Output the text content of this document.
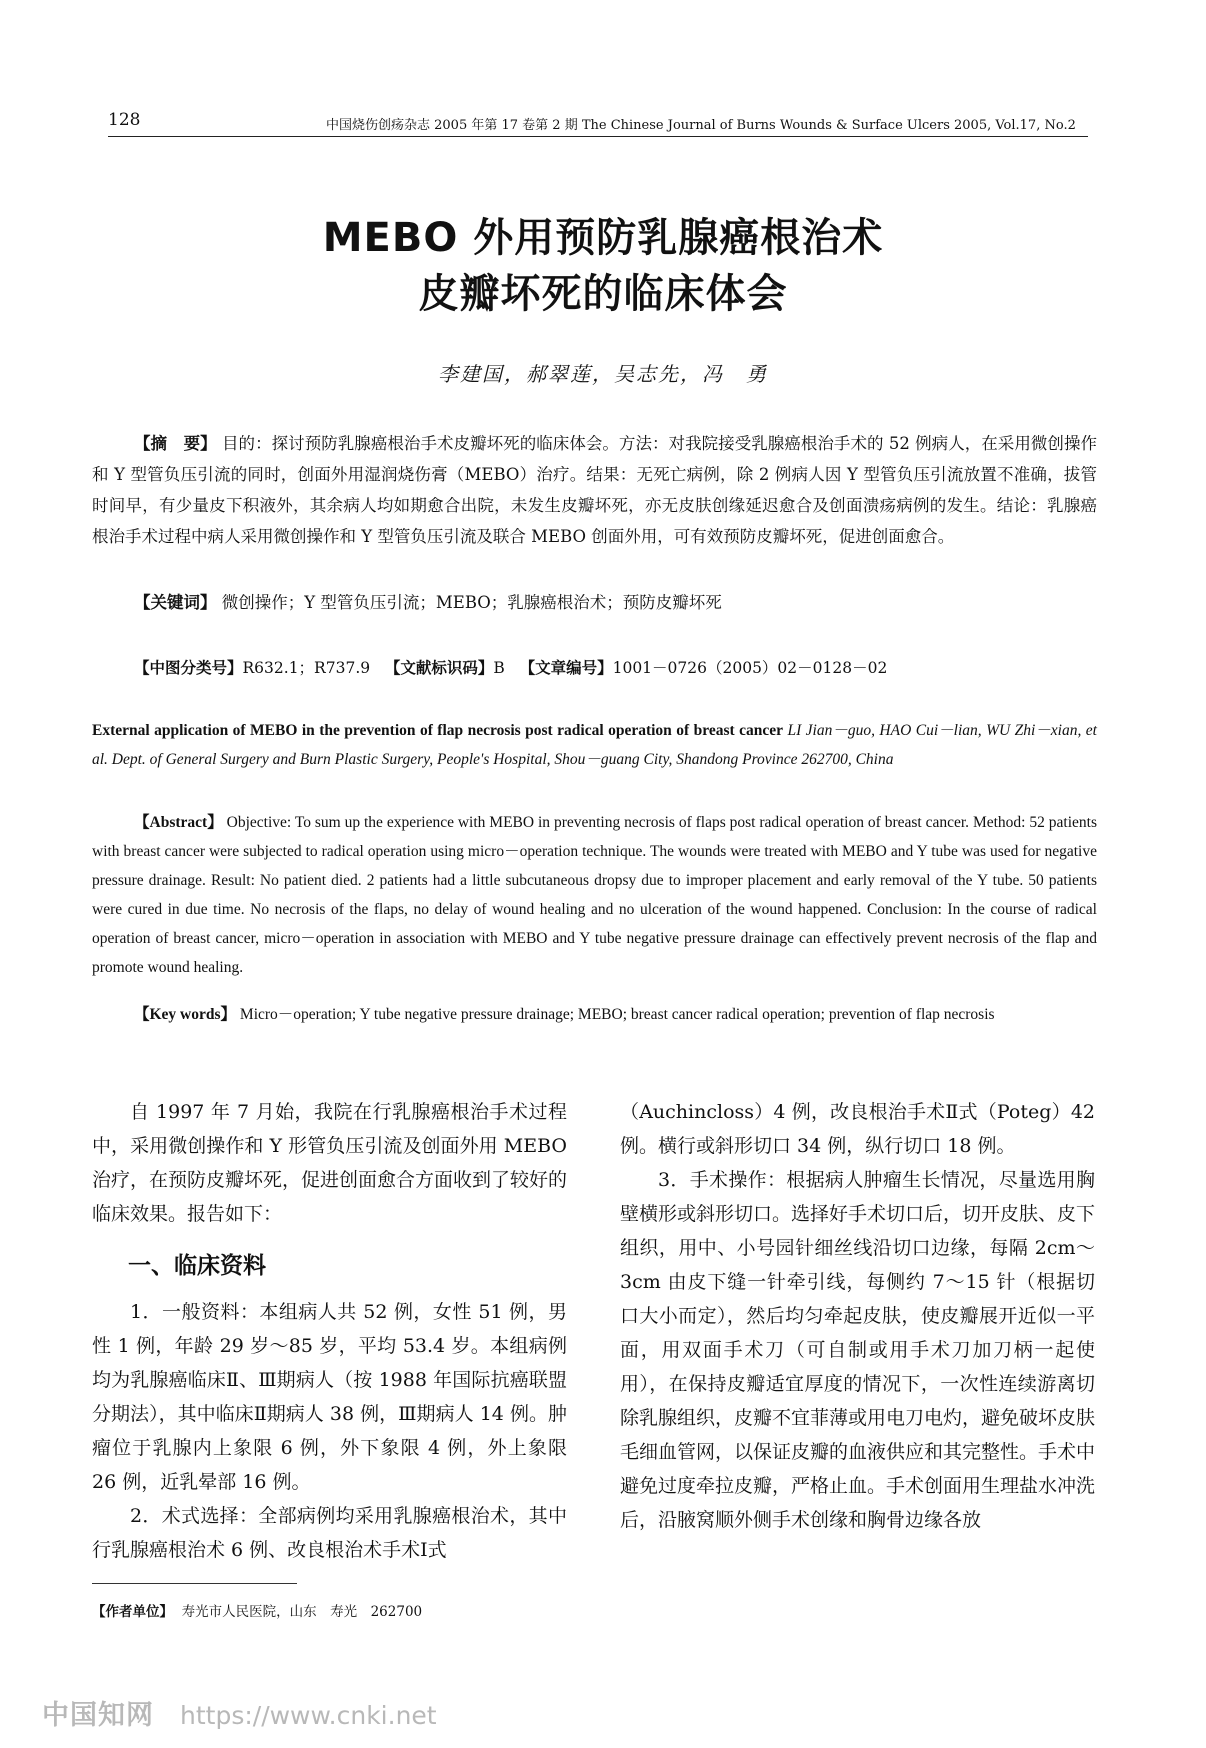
128	中国烧伤创疡杂志 2005 年第 17 卷第 2 期 The Chinese Journal of Burns Wounds & Surface Ulcers 2005, Vol.17, No.2
MEBO 外用预防乳腺癌根治术
皮瓣坏死的临床体会
李建国，郝翠莲，吴志先，冯　勇
【摘　要】 目的：探讨预防乳腺癌根治手术皮瓣坏死的临床体会。方法：对我院接受乳腺癌根治手术的 52 例病人，在采用微创操作和 Y 型管负压引流的同时，创面外用湿润烧伤膏（MEBO）治疗。结果：无死亡病例，除 2 例病人因 Y 型管负压引流放置不准确，拔管时间早，有少量皮下积液外，其余病人均如期愈合出院，未发生皮瓣坏死，亦无皮肤创缘延迟愈合及创面溃疡病例的发生。结论：乳腺癌根治手术过程中病人采用微创操作和 Y 型管负压引流及联合 MEBO 创面外用，可有效预防皮瓣坏死，促进创面愈合。
【关键词】 微创操作；Y 型管负压引流；MEBO；乳腺癌根治术；预防皮瓣坏死
【中图分类号】R632.1；R737.9 【文献标识码】B 【文章编号】1001－0726（2005）02－0128－02
External application of MEBO in the prevention of flap necrosis post radical operation of breast cancer LI Jian－guo, HAO Cui－lian, WU Zhi－xian, et al. Dept. of General Surgery and Burn Plastic Surgery, People's Hospital, Shou－guang City, Shandong Province 262700, China
【Abstract】 Objective: To sum up the experience with MEBO in preventing necrosis of flaps post radical operation of breast cancer. Method: 52 patients with breast cancer were subjected to radical operation using micro－operation technique. The wounds were treated with MEBO and Y tube was used for negative pressure drainage. Result: No patient died. 2 patients had a little subcutaneous dropsy due to improper placement and early removal of the Y tube. 50 patients were cured in due time. No necrosis of the flaps, no delay of wound healing and no ulceration of the wound happened. Conclusion: In the course of radical operation of breast cancer, micro－operation in association with MEBO and Y tube negative pressure drainage can effectively prevent necrosis of the flap and promote wound healing.
【Key words】 Micro－operation; Y tube negative pressure drainage; MEBO; breast cancer radical operation; prevention of flap necrosis

自 1997 年 7 月始，我院在行乳腺癌根治手术过程中，采用微创操作和 Y 形管负压引流及创面外用 MEBO 治疗，在预防皮瓣坏死，促进创面愈合方面收到了较好的临床效果。报告如下：

一、临床资料

1．一般资料：本组病人共 52 例，女性 51 例，男性 1 例，年龄 29 岁～85 岁，平均 53.4 岁。本组病例均为乳腺癌临床Ⅱ、Ⅲ期病人（按 1988 年国际抗癌联盟分期法），其中临床Ⅱ期病人 38 例，Ⅲ期病人 14 例。肿瘤位于乳腺内上象限 6 例，外下象限 4 例，外上象限 26 例，近乳晕部 16 例。

2．术式选择：全部病例均采用乳腺癌根治术，其中行乳腺癌根治术 6 例、改良根治术手术Ⅰ式

（Auchincloss）4 例，改良根治手术Ⅱ式（Poteg）42 例。横行或斜形切口 34 例，纵行切口 18 例。

3．手术操作：根据病人肿瘤生长情况，尽量选用胸壁横形或斜形切口。选择好手术切口后，切开皮肤、皮下组织，用中、小号园针细丝线沿切口边缘，每隔 2cm～3cm 由皮下缝一针牵引线，每侧约 7～15 针（根据切口大小而定），然后均匀牵起皮肤，使皮瓣展开近似一平面，用双面手术刀（可自制或用手术刀加刀柄一起使用），在保持皮瓣适宜厚度的情况下，一次性连续游离切除乳腺组织，皮瓣不宜菲薄或用电刀电灼，避免破坏皮肤毛细血管网，以保证皮瓣的血液供应和其完整性。手术中避免过度牵拉皮瓣，严格止血。手术创面用生理盐水冲洗后，沿腋窝顺外侧手术创缘和胸骨边缘各放

【作者单位】 寿光市人民医院，山东　寿光　262700
中国知网 https://www.cnki.net
